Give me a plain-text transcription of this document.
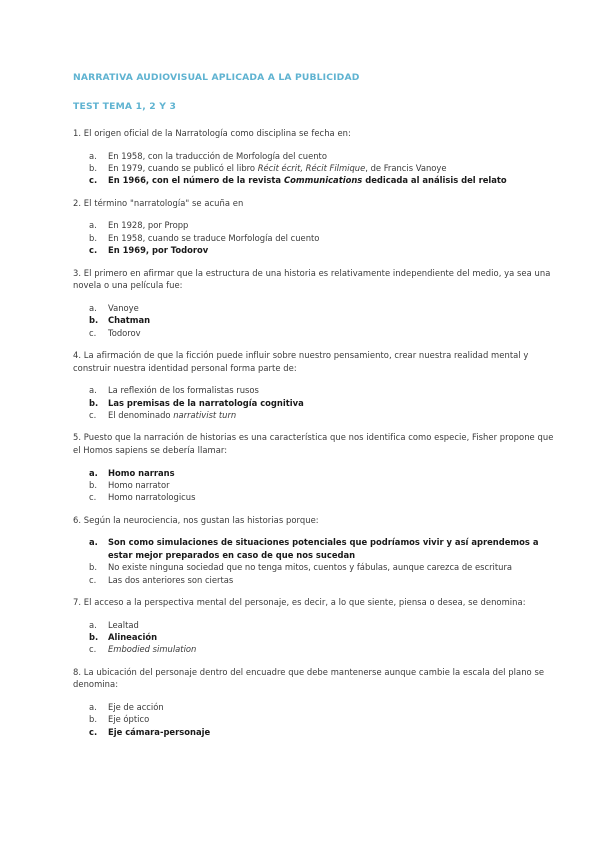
NARRATIVA AUDIOVISUAL APLICADA A LA PUBLICIDAD
TEST TEMA 1, 2 Y 3

1. El origen oficial de la Narratología como disciplina se fecha en:

a.	En 1958, con la traducción de Morfología del cuento
b.	En 1979, cuando se publicó el libro Récit écrit, Récit Filmique, de Francis Vanoye
c.	En 1966, con el número de la revista Communications dedicada al análisis del relato

2. El término "narratología" se acuña en

a.	En 1928, por Propp
b.	En 1958, cuando se traduce Morfología del cuento
c.	En 1969, por Todorov

3. El primero en afirmar que la estructura de una historia es relativamente independiente del medio, ya sea una novela o una película fue:

a.	Vanoye
b.	Chatman
c.	Todorov

4. La afirmación de que la ficción puede influir sobre nuestro pensamiento, crear nuestra realidad mental y construir nuestra identidad personal forma parte de:

a.	La reflexión de los formalistas rusos
b.	Las premisas de la narratología cognitiva
c.	El denominado narrativist turn

5. Puesto que la narración de historias es una característica que nos identifica como especie, Fisher propone que el Homos sapiens se debería llamar:

a.	Homo narrans
b.	Homo narrator
c.	Homo narratologicus

6. Según la neurociencia, nos gustan las historias porque:

a.	Son como simulaciones de situaciones potenciales que podríamos vivir y así aprendemos a estar mejor preparados en caso de que nos sucedan
b.	No existe ninguna sociedad que no tenga mitos, cuentos y fábulas, aunque carezca de escritura
c.	Las dos anteriores son ciertas

7. El acceso a la perspectiva mental del personaje, es decir, a lo que siente, piensa o desea, se denomina:

a.	Lealtad
b.	Alineación
c.	Embodied simulation

8. La ubicación del personaje dentro del encuadre que debe mantenerse aunque cambie la escala del plano se denomina:

a.	Eje de acción
b.	Eje óptico
c.	Eje cámara-personaje
